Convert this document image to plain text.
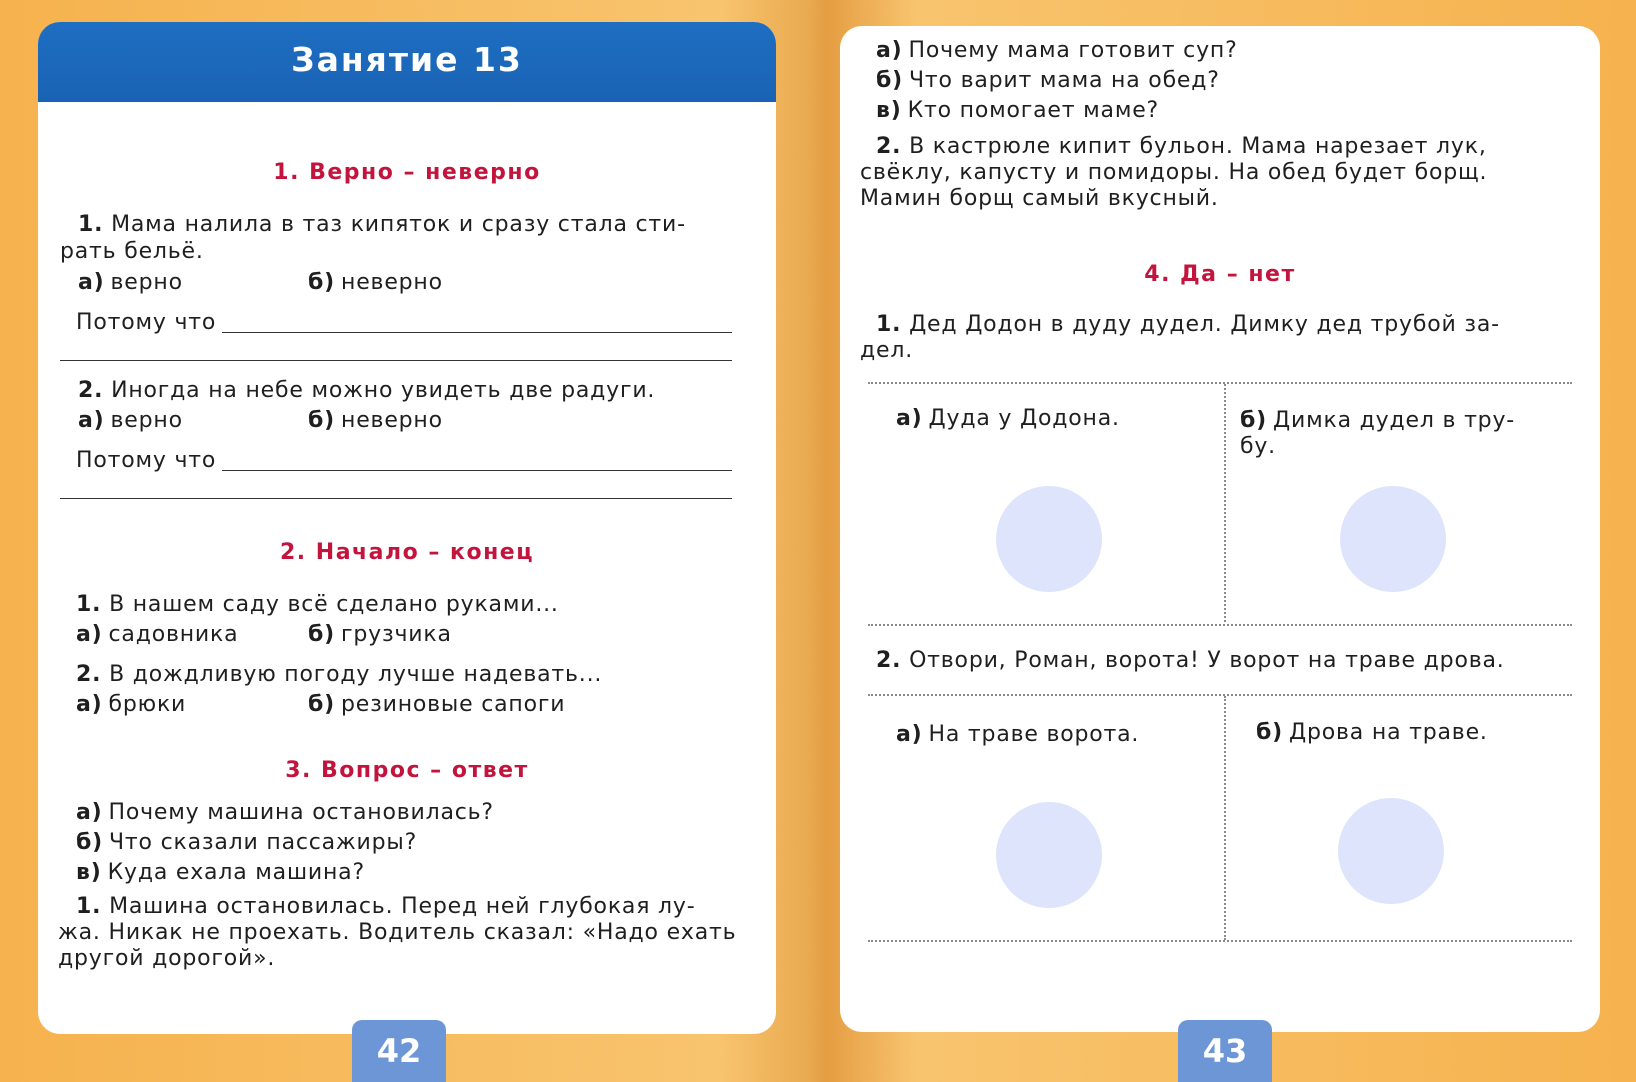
Занятие 13
1. Верно – неверно
1. Мама налила в таз кипяток и сразу стала сти-
рать бельё.
а) верно	б) неверно
Потому что
2. Иногда на небе можно увидеть две радуги.
а) верно	б) неверно
Потому что
2. Начало – конец
1. В нашем саду всё сделано руками...
а) садовника	б) грузчика
2. В дождливую погоду лучше надевать...
а) брюки	б) резиновые сапоги
3. Вопрос – ответ
а) Почему машина остановилась?
б) Что сказали пассажиры?
в) Куда ехала машина?
1. Машина остановилась. Перед ней глубокая лу-
жа. Никак не проехать. Водитель сказал: «Надо ехать
другой дорогой».
42
а) Почему мама готовит суп?
б) Что варит мама на обед?
в) Кто помогает маме?
2. В кастрюле кипит бульон. Мама нарезает лук,
свёклу, капусту и помидоры. На обед будет борщ.
Мамин борщ самый вкусный.
4. Да – нет
1. Дед Додон в дуду дудел. Димку дед трубой за-
дел.
а) Дуда у Додона.	б) Димка дудел в тру-
бу.
2. Отвори, Роман, ворота! У ворот на траве дрова.
а) На траве ворота.	б) Дрова на траве.
43
